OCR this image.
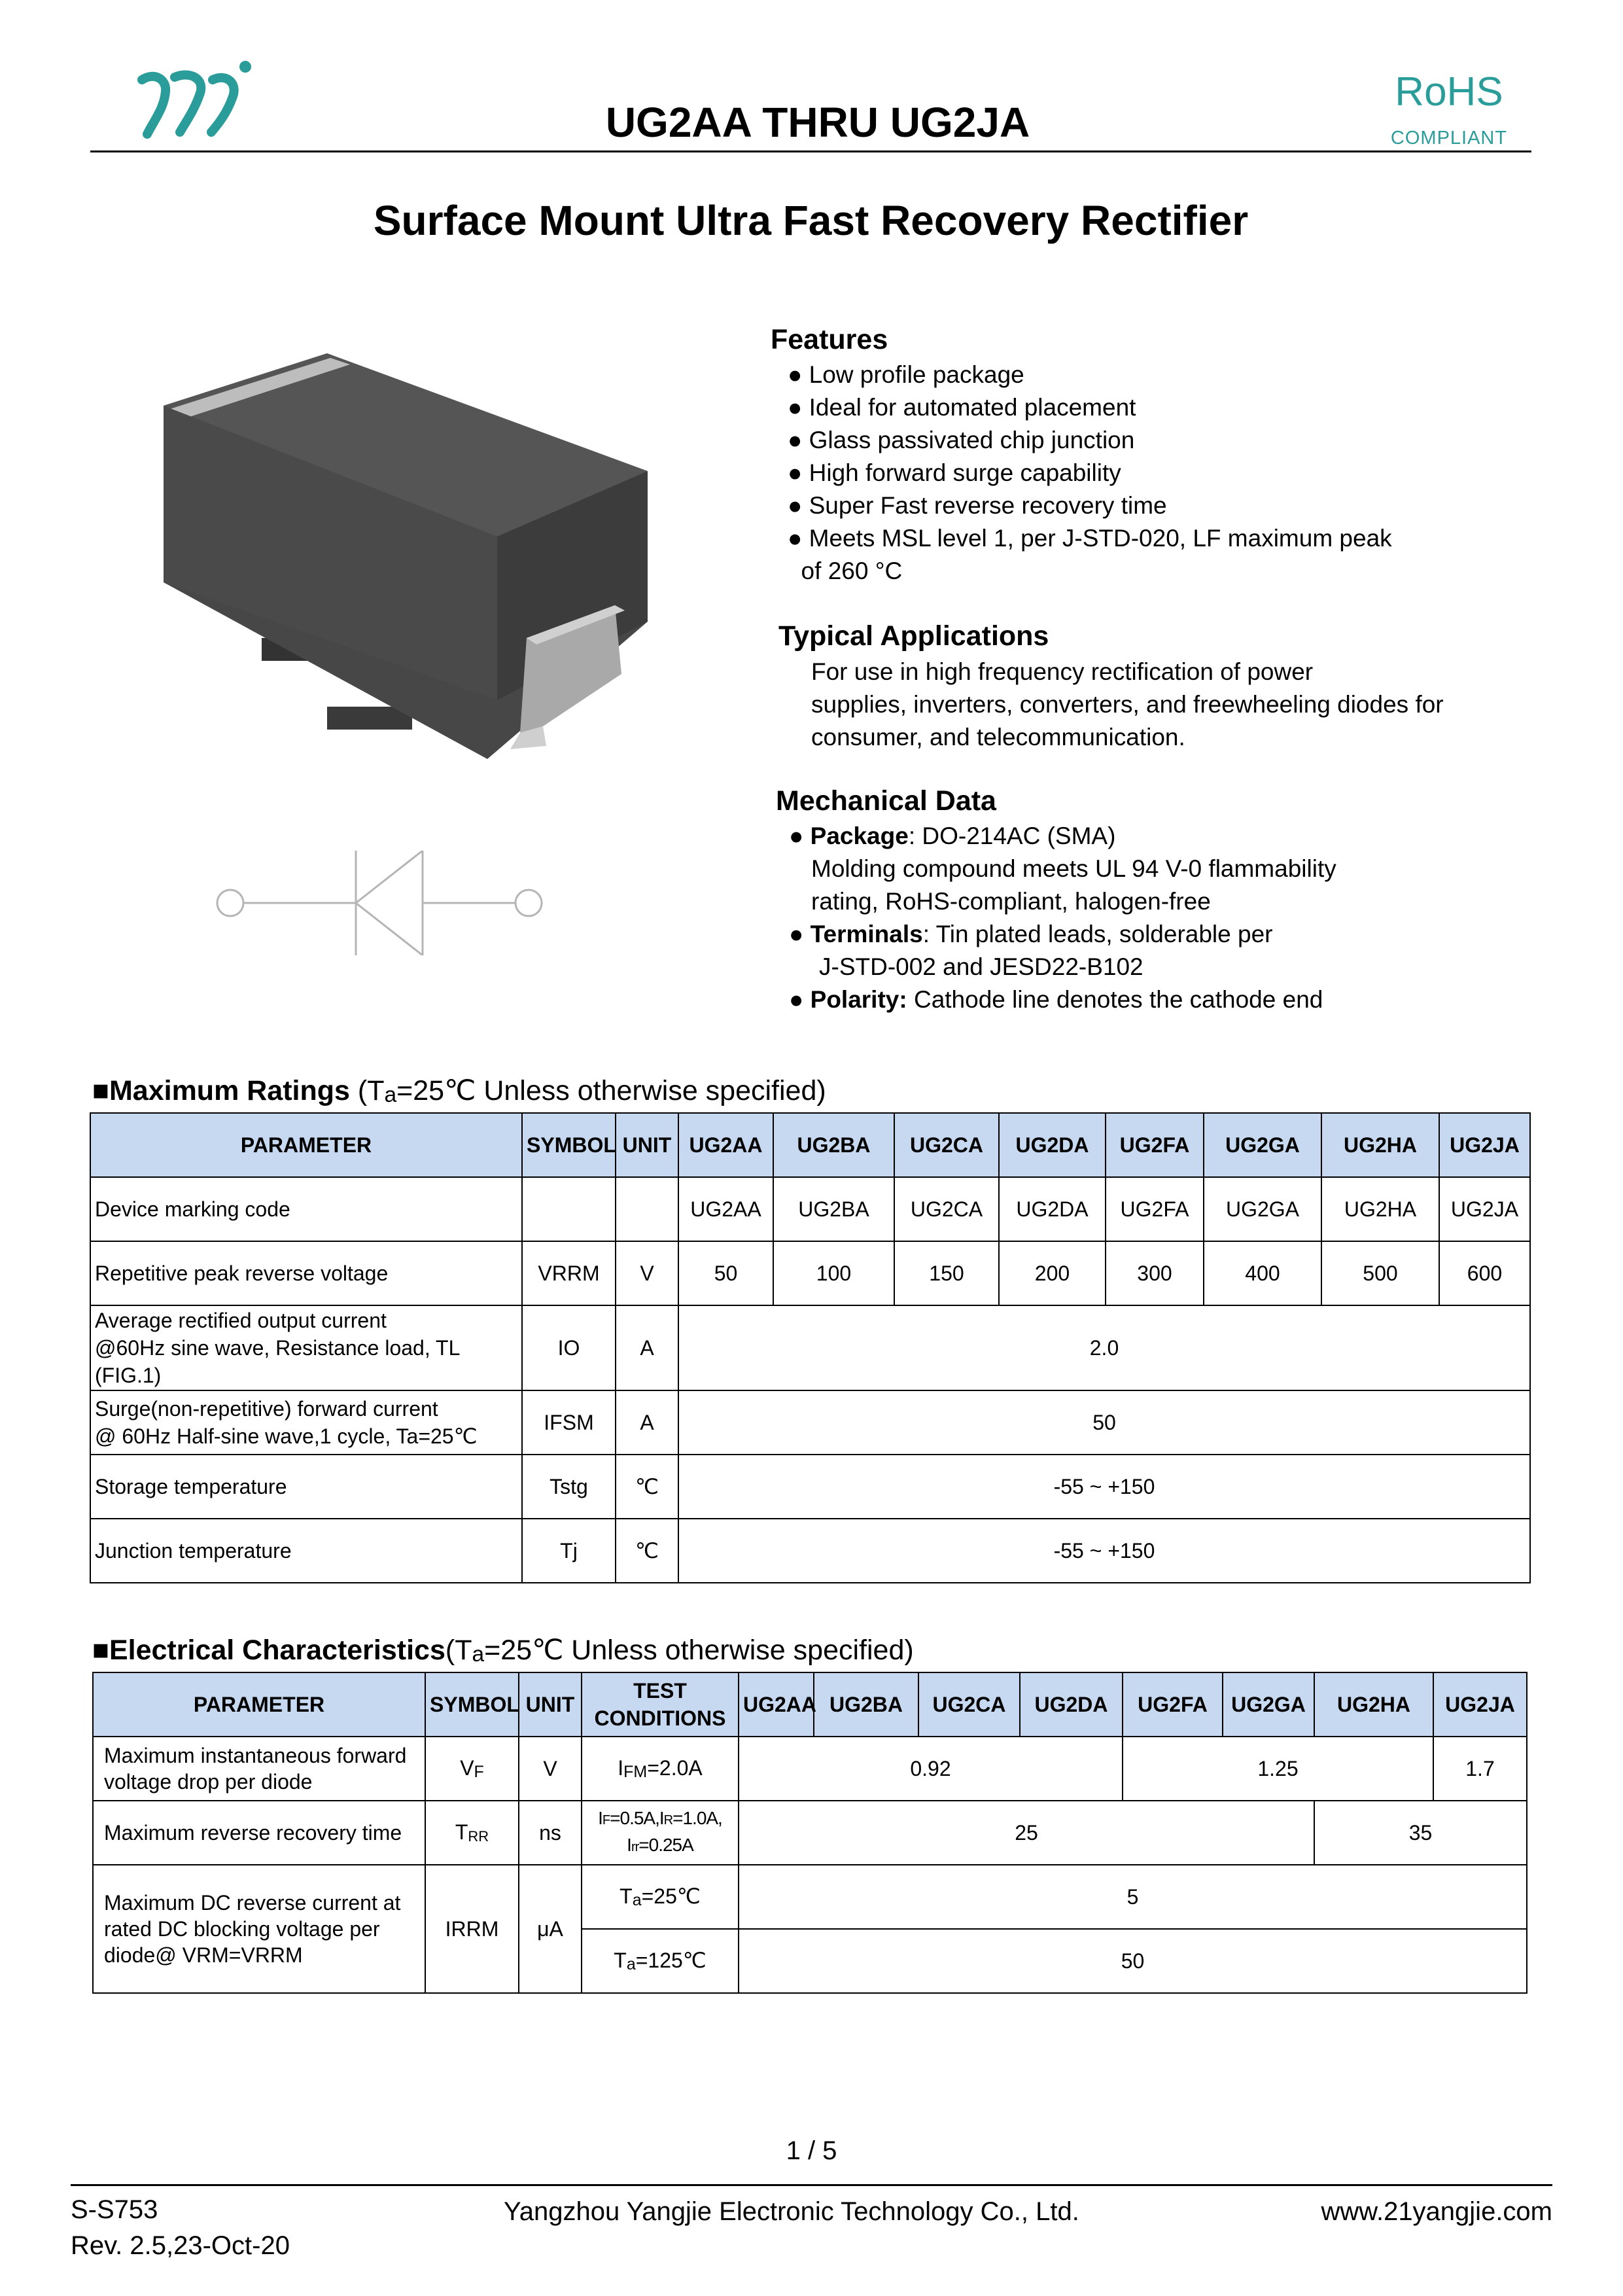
UG2AA THRU UG2JA
RoHS
COMPLIANT
Surface Mount Ultra Fast Recovery Rectifier
Features
● Low profile package
● Ideal for automated placement
● Glass passivated chip junction
● High forward surge capability
● Super Fast reverse recovery time
● Meets MSL level 1, per J-STD-020, LF maximum peak
of 260 °C
Typical Applications
For use in high frequency rectification of power
supplies, inverters, converters, and freewheeling diodes for
consumer, and telecommunication.
Mechanical Data
● Package: DO-214AC (SMA)
Molding compound meets UL 94 V-0 flammability
rating, RoHS-compliant, halogen-free
● Terminals: Tin plated leads, solderable per
J-STD-002 and JESD22-B102
● Polarity: Cathode line denotes the cathode end
■Maximum Ratings (Ta=25℃ Unless otherwise specified)
PARAMETER	SYMBOL	UNIT	UG2AA	UG2BA	UG2CA	UG2DA	UG2FA	UG2GA	UG2HA	UG2JA
Device marking code			UG2AA	UG2BA	UG2CA	UG2DA	UG2FA	UG2GA	UG2HA	UG2JA
Repetitive peak reverse voltage	VRRM	V	50	100	150	200	300	400	500	600

Average rectified output current
@60Hz sine wave, Resistance load, TL
(FIG.1)	IO	A	2.0							

Surge(non-repetitive) forward current
@ 60Hz Half-sine wave,1 cycle, Ta=25℃	IFSM	A	50							
Storage temperature	Tstg	℃	-55 ~ +150							
Junction temperature	Tj	℃	-55 ~ +150							
■Electrical Characteristics(Ta=25℃ Unless otherwise specified)
PARAMETER	SYMBOL	UNIT	TEST
CONDITIONS	UG2AA	UG2BA	UG2CA	UG2DA	UG2FA	UG2GA	UG2HA	UG2JA

Maximum instantaneous forward
voltage drop per diode	VF	V	IFM=2.0A	0.92				1.25			1.7
Maximum reverse recovery time	TRR	ns	IF=0.5A,IR=1.0A,
Irr=0.25A	25						35	

Maximum DC reverse current at
rated DC blocking voltage per
diode@ VRM=VRRM	IRRM	μA	Ta=25℃	5							
			Ta=125℃	50							
1 / 5
S-S753
Rev. 2.5,23-Oct-20
Yangzhou Yangjie Electronic Technology Co., Ltd.	www.21yangjie.com
